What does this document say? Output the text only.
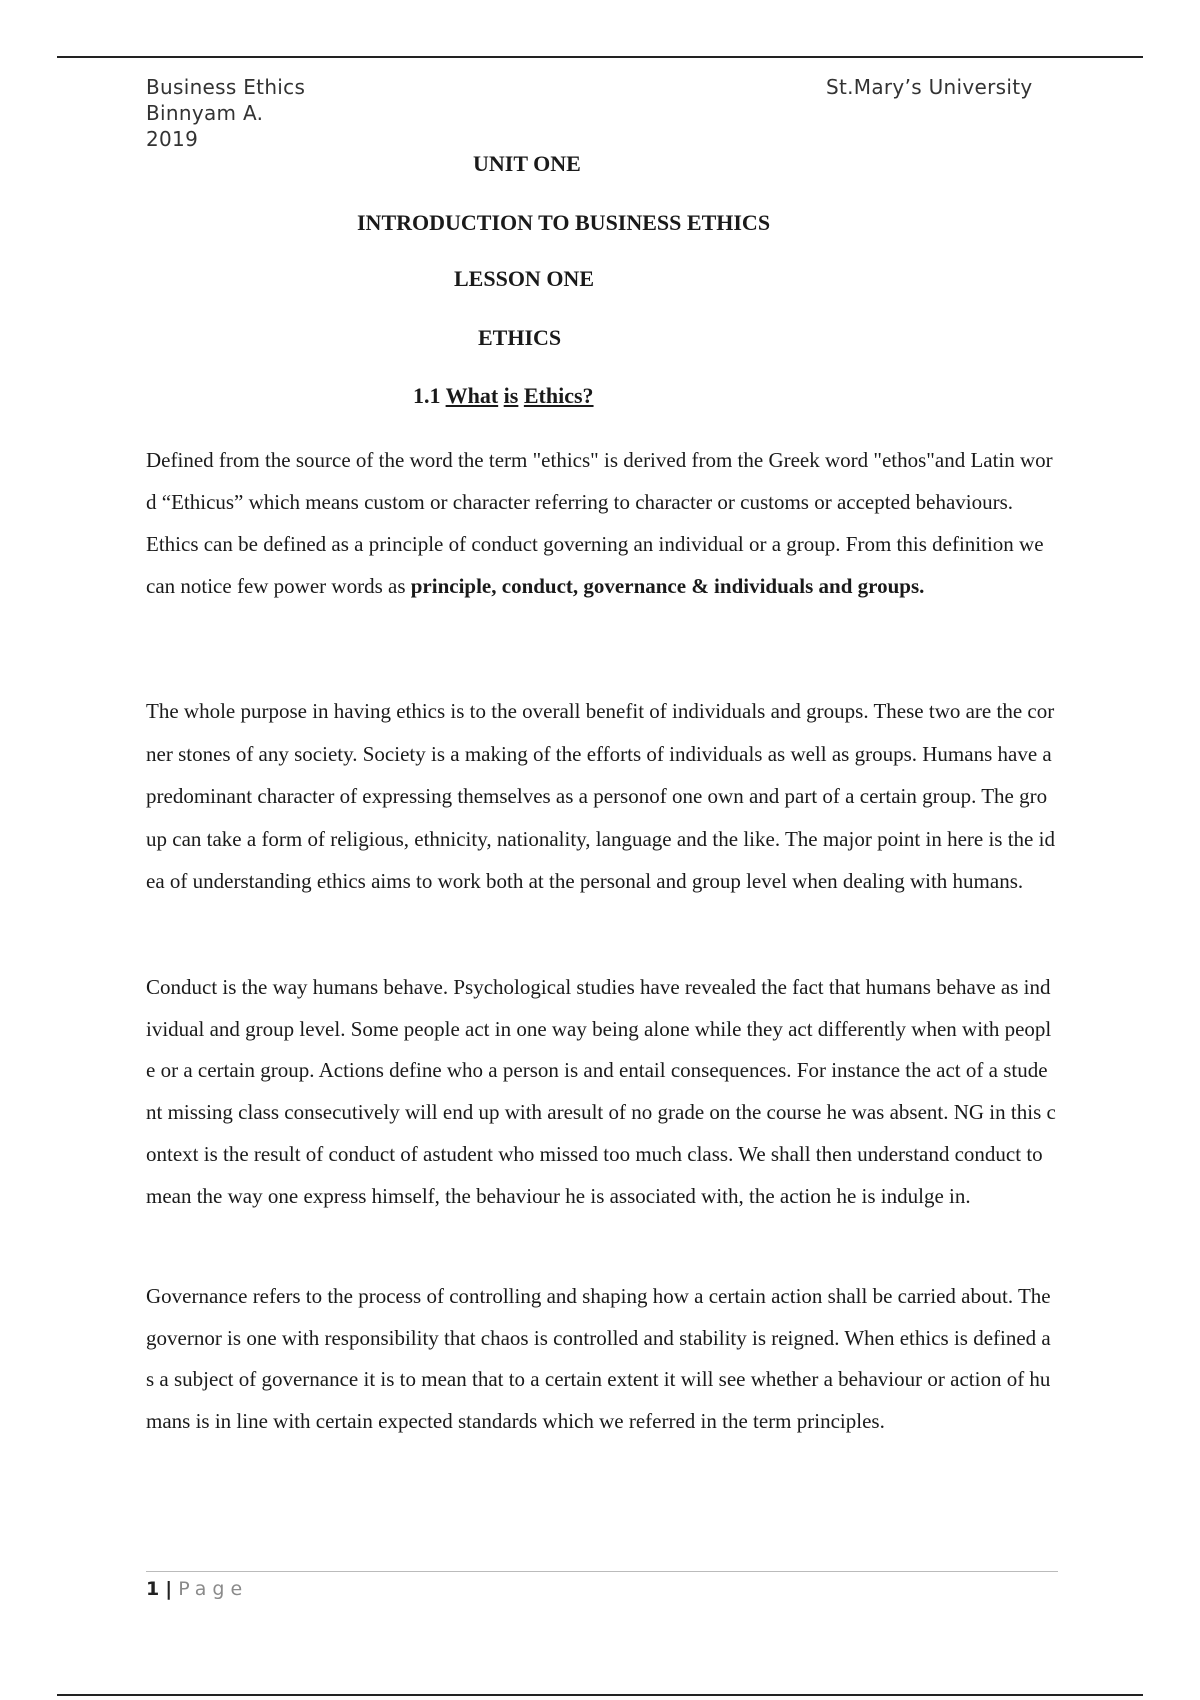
Business Ethics
Binnyam A.
2019
St.Mary’s University
UNIT ONE
INTRODUCTION TO BUSINESS ETHICS
LESSON ONE
ETHICS
1.1 What is Ethics?
Defined from the source of the word the term "ethics" is derived from the Greek word "ethos"and Latin word “Ethicus” which means custom or character referring to character or customs or accepted behaviours.
Ethics can be defined as a principle of conduct governing an individual or a group. From this definition we can notice few power words as principle, conduct, governance & individuals and groups.
The whole purpose in having ethics is to the overall benefit of individuals and groups. These two are the corner stones of any society. Society is a making of the efforts of individuals as well as groups. Humans have a predominant character of expressing themselves as a personof one own and part of a certain group. The group can take a form of religious, ethnicity, nationality, language and the like. The major point in here is the idea of understanding ethics aims to work both at the personal and group level when dealing with humans.
Conduct is the way humans behave. Psychological studies have revealed the fact that humans behave as individual and group level. Some people act in one way being alone while they act differently when with people or a certain group. Actions define who a person is and entail consequences. For instance the act of a student missing class consecutively will end up with aresult of no grade on the course he was absent. NG in this context is the result of conduct of astudent who missed too much class. We shall then understand conduct to mean the way one express himself, the behaviour he is associated with, the action he is indulge in.
Governance refers to the process of controlling and shaping how a certain action shall be carried about. The governor is one with responsibility that chaos is controlled and stability is reigned. When ethics is defined as a subject of governance it is to mean that to a certain extent it will see whether a behaviour or action of humans is in line with certain expected standards which we referred in the term principles.
1 | Page
